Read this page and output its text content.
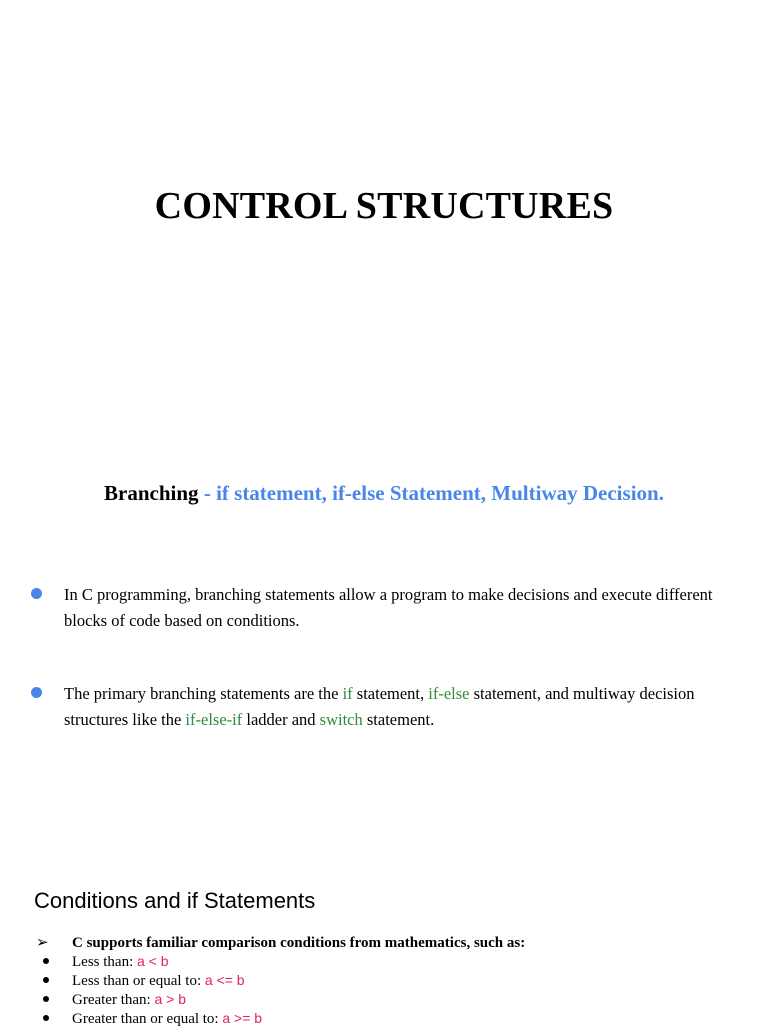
CONTROL STRUCTURES

Branching - if statement, if-else Statement, Multiway Decision.

In C programming, branching statements allow a program to make decisions and execute different blocks of code based on conditions.

The primary branching statements are the if statement, if-else statement, and multiway decision structures like the if-else-if ladder and switch statement.

Conditions and if Statements
➢ C supports familiar comparison conditions from mathematics, such as:
Less than: a < b
Less than or equal to: a <= b
Greater than: a > b
Greater than or equal to: a >= b
